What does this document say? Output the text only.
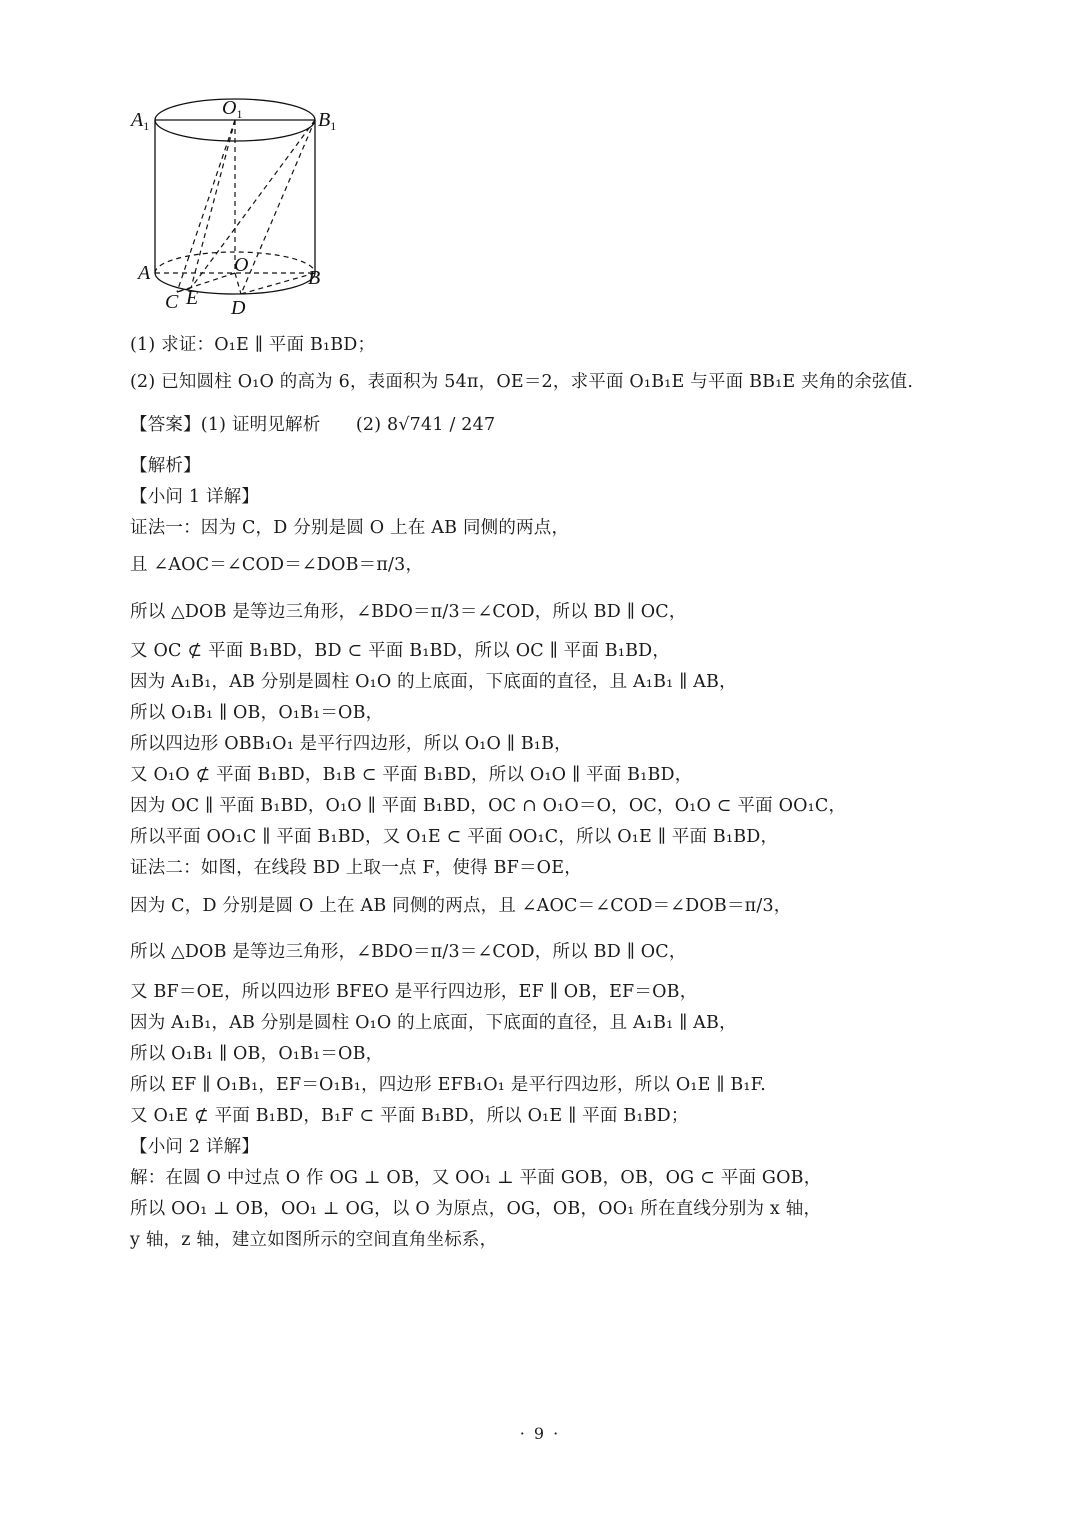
$A_1$
$O_1$	$B_1$
A	O
B
C E D
(1) 求证：O₁E ∥ 平面 B₁BD；
(2) 已知圆柱 O₁O 的高为 6，表面积为 54π，OE＝2，求平面 O₁B₁E 与平面 BB₁E 夹角的余弦值.
【答案】(1) 证明见解析　　(2) 8√741 / 247
【解析】
【小问 1 详解】
证法一：因为 C，D 分别是圆 O 上在 AB 同侧的两点，
且 ∠AOC＝∠COD＝∠DOB＝π/3，
所以 △DOB 是等边三角形，∠BDO＝π/3＝∠COD，所以 BD ∥ OC，
又 OC ⊄ 平面 B₁BD，BD ⊂ 平面 B₁BD，所以 OC ∥ 平面 B₁BD，
因为 A₁B₁，AB 分别是圆柱 O₁O 的上底面，下底面的直径，且 A₁B₁ ∥ AB，
所以 O₁B₁ ∥ OB，O₁B₁＝OB，
所以四边形 OBB₁O₁ 是平行四边形，所以 O₁O ∥ B₁B，
又 O₁O ⊄ 平面 B₁BD，B₁B ⊂ 平面 B₁BD，所以 O₁O ∥ 平面 B₁BD，
因为 OC ∥ 平面 B₁BD，O₁O ∥ 平面 B₁BD，OC ∩ O₁O＝O，OC，O₁O ⊂ 平面 OO₁C，
所以平面 OO₁C ∥ 平面 B₁BD，又 O₁E ⊂ 平面 OO₁C，所以 O₁E ∥ 平面 B₁BD，
证法二：如图，在线段 BD 上取一点 F，使得 BF＝OE，
因为 C，D 分别是圆 O 上在 AB 同侧的两点，且 ∠AOC＝∠COD＝∠DOB＝π/3，
所以 △DOB 是等边三角形，∠BDO＝π/3＝∠COD，所以 BD ∥ OC，
又 BF＝OE，所以四边形 BFEO 是平行四边形，EF ∥ OB，EF＝OB，
因为 A₁B₁，AB 分别是圆柱 O₁O 的上底面，下底面的直径，且 A₁B₁ ∥ AB，
所以 O₁B₁ ∥ OB，O₁B₁＝OB，
所以 EF ∥ O₁B₁，EF＝O₁B₁，四边形 EFB₁O₁ 是平行四边形，所以 O₁E ∥ B₁F.
又 O₁E ⊄ 平面 B₁BD，B₁F ⊂ 平面 B₁BD，所以 O₁E ∥ 平面 B₁BD；
【小问 2 详解】
解：在圆 O 中过点 O 作 OG ⊥ OB，又 OO₁ ⊥ 平面 GOB，OB，OG ⊂ 平面 GOB，
所以 OO₁ ⊥ OB，OO₁ ⊥ OG，以 O 为原点，OG，OB，OO₁ 所在直线分别为 x 轴，
y 轴，z 轴，建立如图所示的空间直角坐标系，
· 9 ·
